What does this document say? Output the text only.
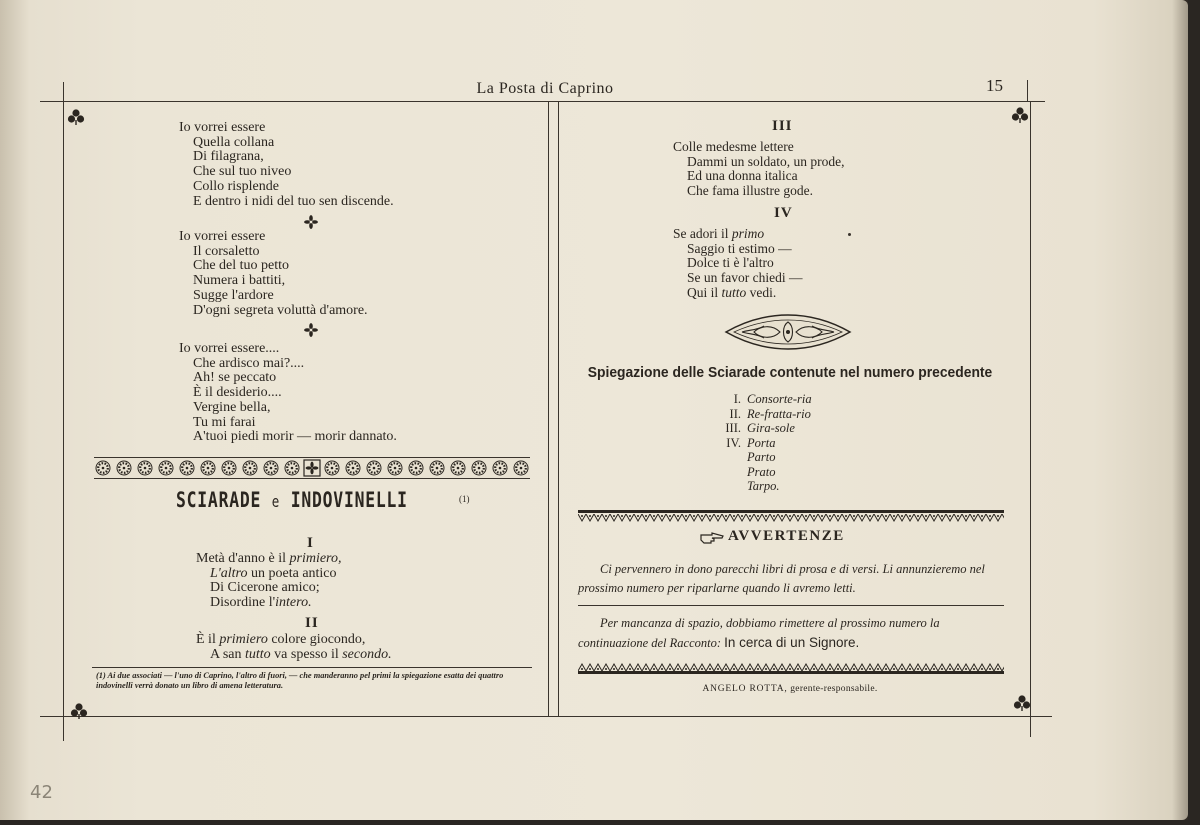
La Posta di Caprino	15
Io vorrei essere
Quella collana
Di filagrana,
Che sul tuo niveo
Collo risplende
E dentro i nidi del tuo sen discende.
Io vorrei essere
Il corsaletto
Che del tuo petto
Numera i battiti,
Sugge l'ardore
D'ogni segreta voluttà d'amore.
Io vorrei essere....
Che ardisco mai?....
Ah! se peccato
È il desiderio....
Vergine bella,
Tu mi farai
A'tuoi piedi morir — morir dannato.
SCIARADE e INDOVINELLI	(1)
I
Metà d'anno è il primiero,
L'altro un poeta antico
Di Cicerone amico;
Disordine l'intero.
II
È il primiero colore giocondo,
A san tutto va spesso il secondo.
(1) Ai due associati — l'uno di Caprino, l'altro di fuori, — che manderanno pel primi la spiegazione esatta dei quattro indovinelli verrà donato un libro di amena letteratura.
III
Colle medesme lettere
Dammi un soldato, un prode,
Ed una donna italica
Che fama illustre gode.
IV
Se adori il primo
Saggio ti estimo —
Dolce ti è l'altro
Se un favor chiedi —
Qui il tutto vedi.
Spiegazione delle Sciarade contenute nel numero precedente
I. Consorte-ria
II. Re-fratta-rio
III. Gira-sole
IV. Porta
Parto
Prato
Tarpo.
AVVERTENZE
Ci pervennero in dono parecchi libri di prosa e di versi. Li annunzieremo nel prossimo numero per riparlarne quando li avremo letti.
Per mancanza di spazio, dobbiamo rimettere al prossimo numero la continuazione del Racconto: In cerca di un Signore.
ANGELO ROTTA, gerente-responsabile.
42
